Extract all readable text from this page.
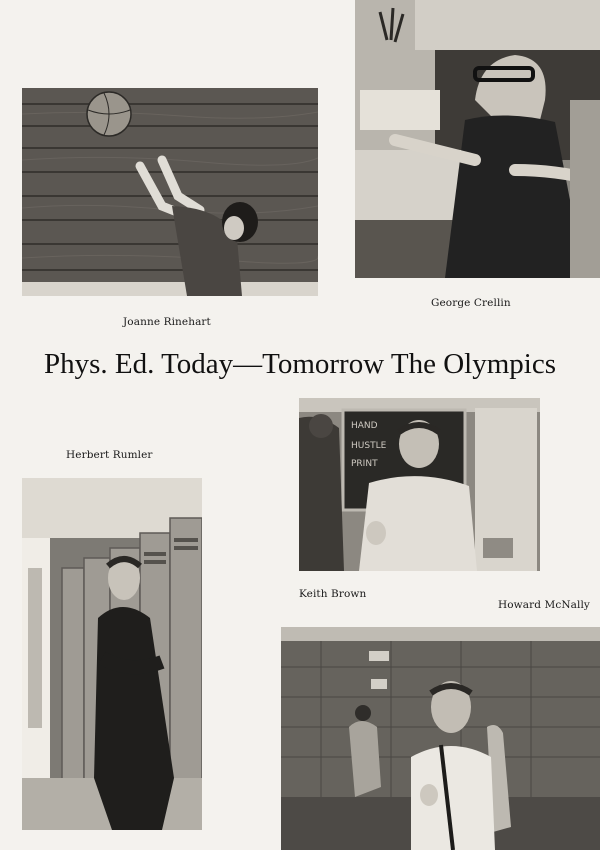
Joanne Rinehart
George Crellin
Phys. Ed. Today—Tomorrow The Olympics
HAND
HUSTLE
PRINT
Herbert Rumler
Keith Brown
Howard McNally
